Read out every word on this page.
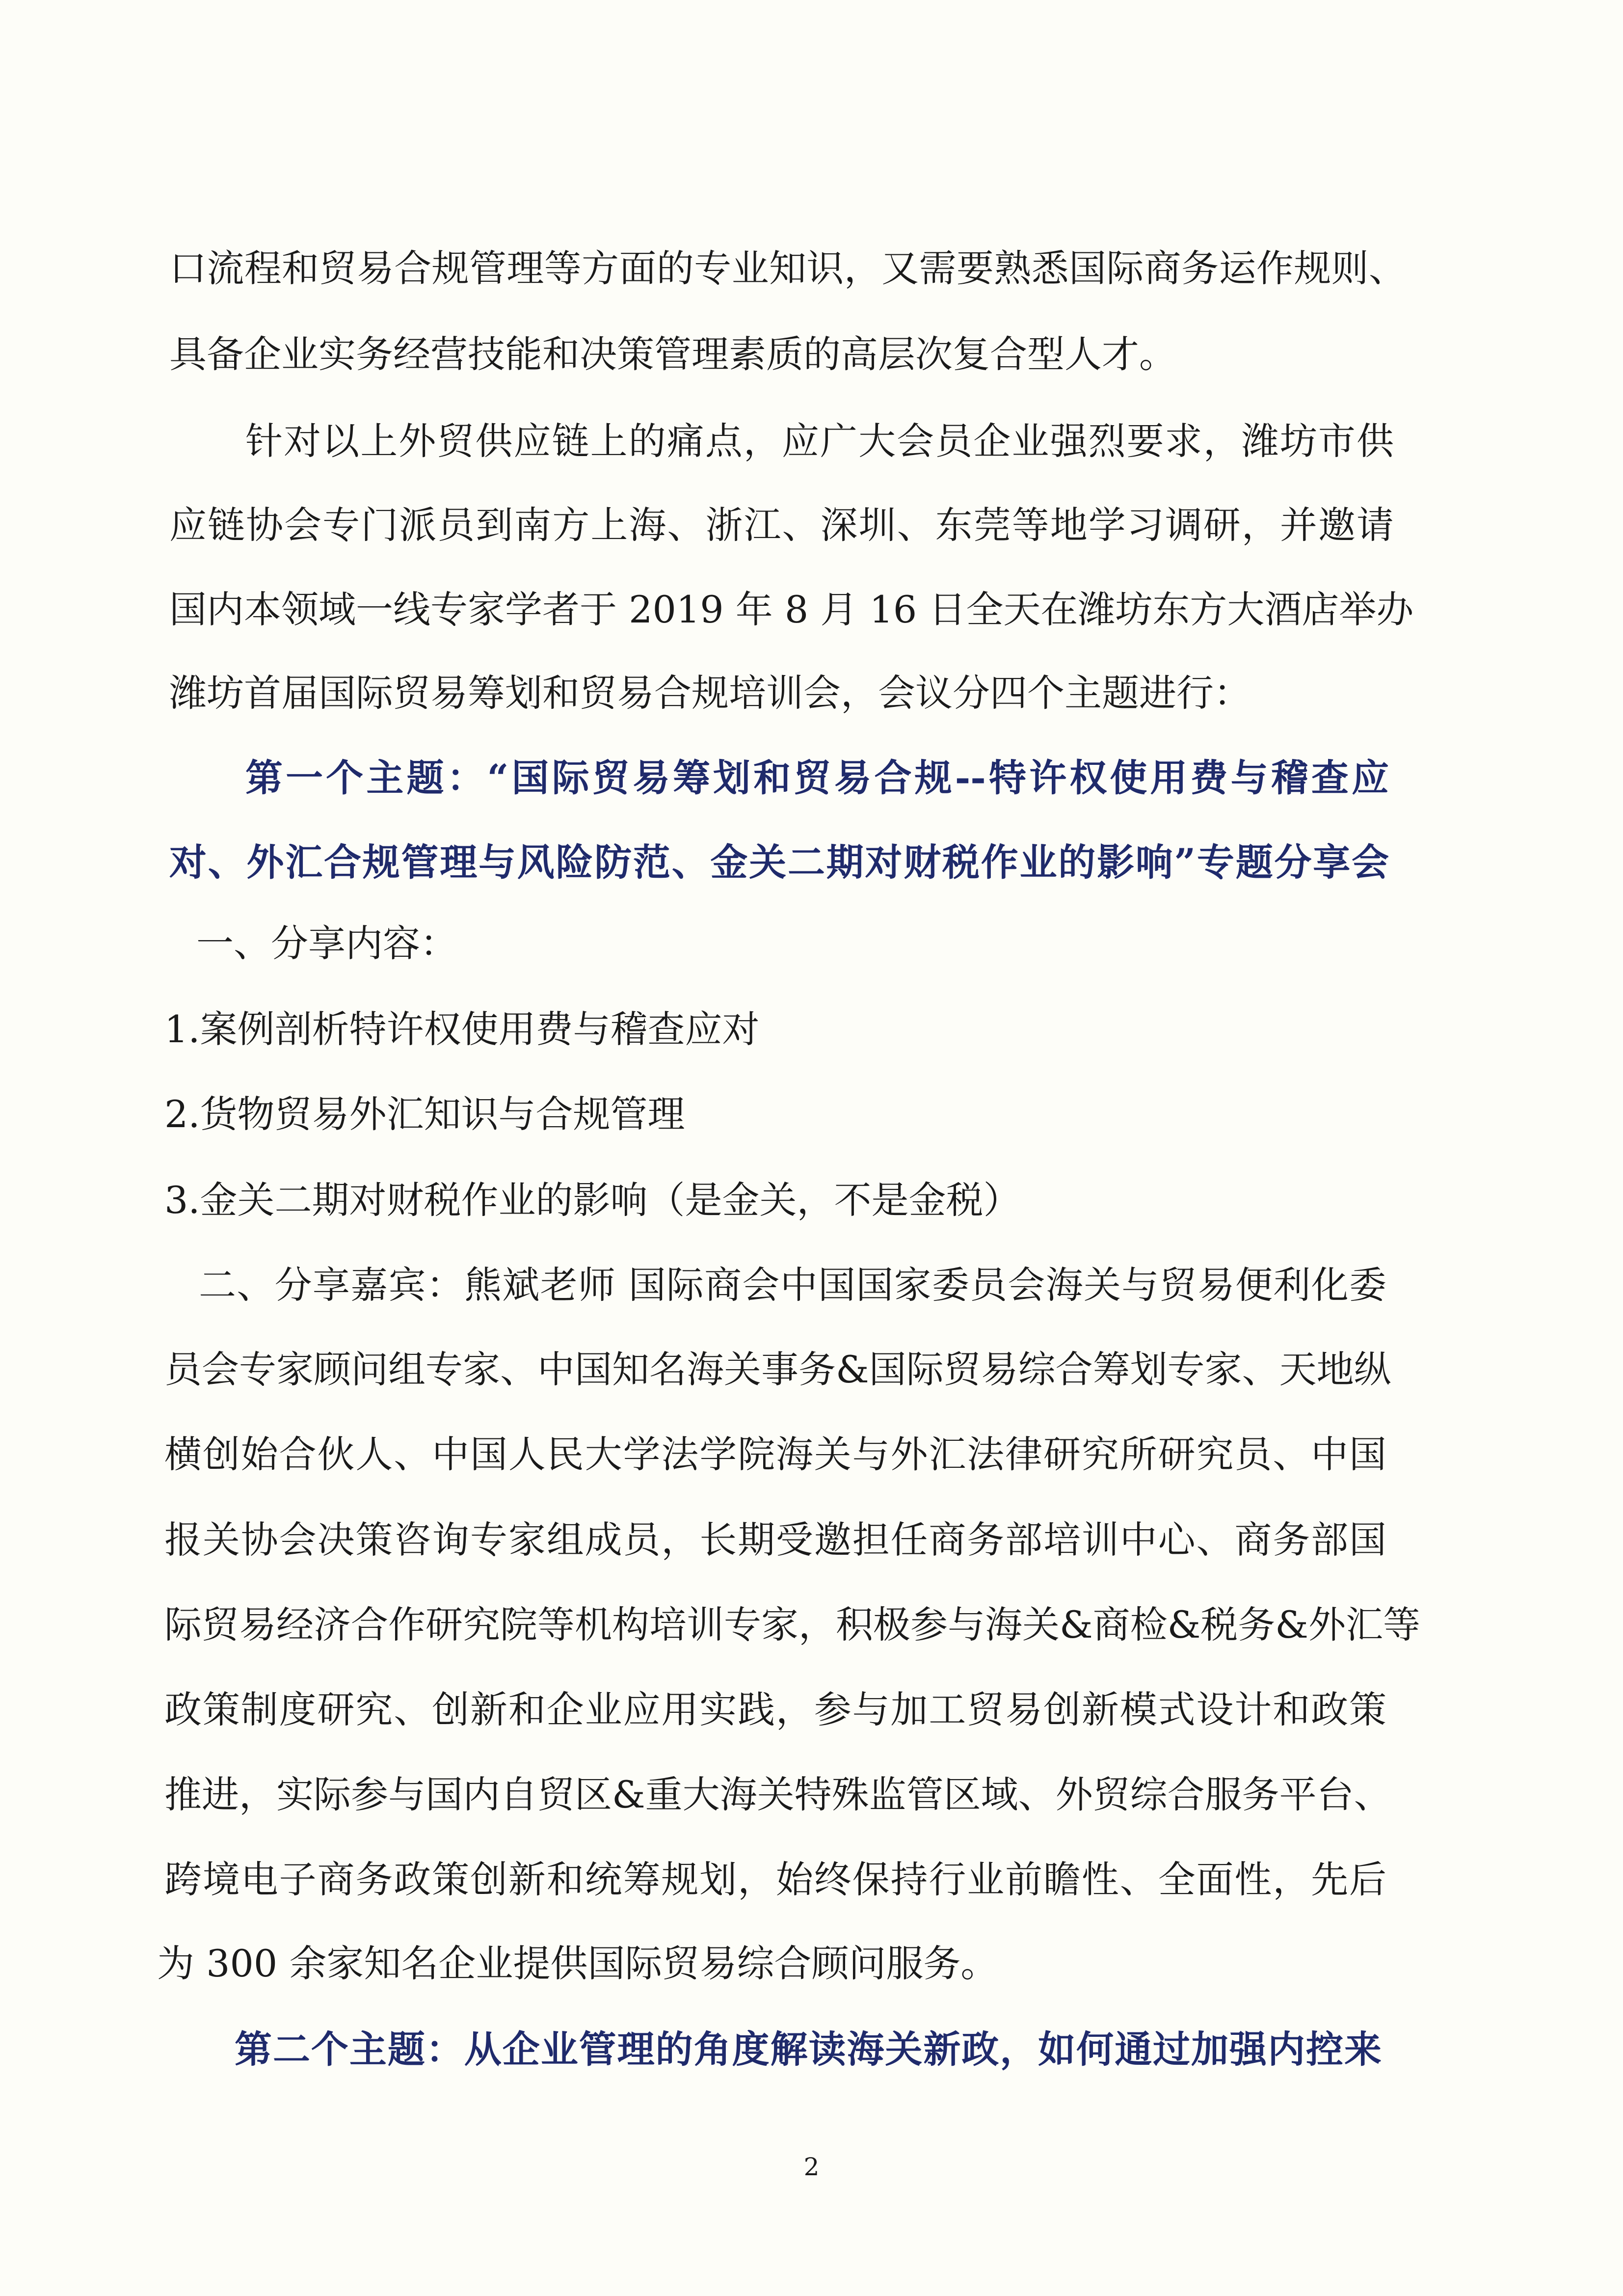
口流程和贸易合规管理等方面的专业知识，又需要熟悉国际商务运作规则、
具备企业实务经营技能和决策管理素质的高层次复合型人才。
针对以上外贸供应链上的痛点，应广大会员企业强烈要求，潍坊市供
应链协会专门派员到南方上海、浙江、深圳、东莞等地学习调研，并邀请
国内本领域一线专家学者于 2019 年 8 月 16 日全天在潍坊东方大酒店举办
潍坊首届国际贸易筹划和贸易合规培训会，会议分四个主题进行：
第一个主题：“国际贸易筹划和贸易合规--特许权使用费与稽查应
对、外汇合规管理与风险防范、金关二期对财税作业的影响”专题分享会
一、分享内容：
1.案例剖析特许权使用费与稽查应对
2.货物贸易外汇知识与合规管理
3.金关二期对财税作业的影响（是金关，不是金税）
二、分享嘉宾：熊斌老师 国际商会中国国家委员会海关与贸易便利化委
员会专家顾问组专家、中国知名海关事务&国际贸易综合筹划专家、天地纵
横创始合伙人、中国人民大学法学院海关与外汇法律研究所研究员、中国
报关协会决策咨询专家组成员，长期受邀担任商务部培训中心、商务部国
际贸易经济合作研究院等机构培训专家，积极参与海关&商检&税务&外汇等
政策制度研究、创新和企业应用实践，参与加工贸易创新模式设计和政策
推进，实际参与国内自贸区&重大海关特殊监管区域、外贸综合服务平台、
跨境电子商务政策创新和统筹规划，始终保持行业前瞻性、全面性，先后
为 300 余家知名企业提供国际贸易综合顾问服务。
第二个主题：从企业管理的角度解读海关新政，如何通过加强内控来
2
